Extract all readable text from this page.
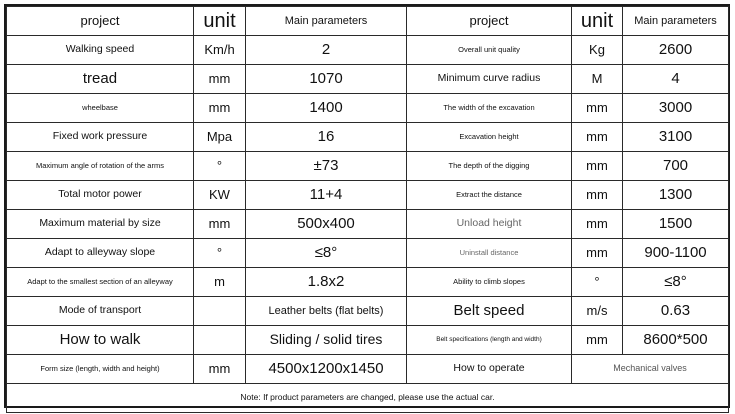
project	unit	Main parameters	project	unit	Main parameters
Walking speed	Km/h	2	Overall unit quality	Kg	2600
tread	mm	1070	Minimum curve radius	M	4
wheelbase	mm	1400	The width of the excavation	mm	3000
Fixed work pressure	Mpa	16	Excavation height	mm	3100
Maximum angle of rotation of the arms	°	±73	The depth of the digging	mm	700
Total motor power	KW	11+4	Extract the distance	mm	1300
Maximum material by size	mm	500x400	Unload height	mm	1500
Adapt to alleyway slope	°	≤8°	Uninstall distance	mm	900-1100
Adapt to the smallest section of an alleyway	m	1.8x2	Ability to climb slopes	°	≤8°
Mode of transport		Leather belts (flat belts)	Belt speed	m/s	0.63
How to walk		Sliding / solid tires	Belt specifications (length and width)	mm	8600*500
Form size (length, width and height)	mm	4500x1200x1450	How to operate	Mechanical valves	
Note: If product parameters are changed, please use the actual car.					
